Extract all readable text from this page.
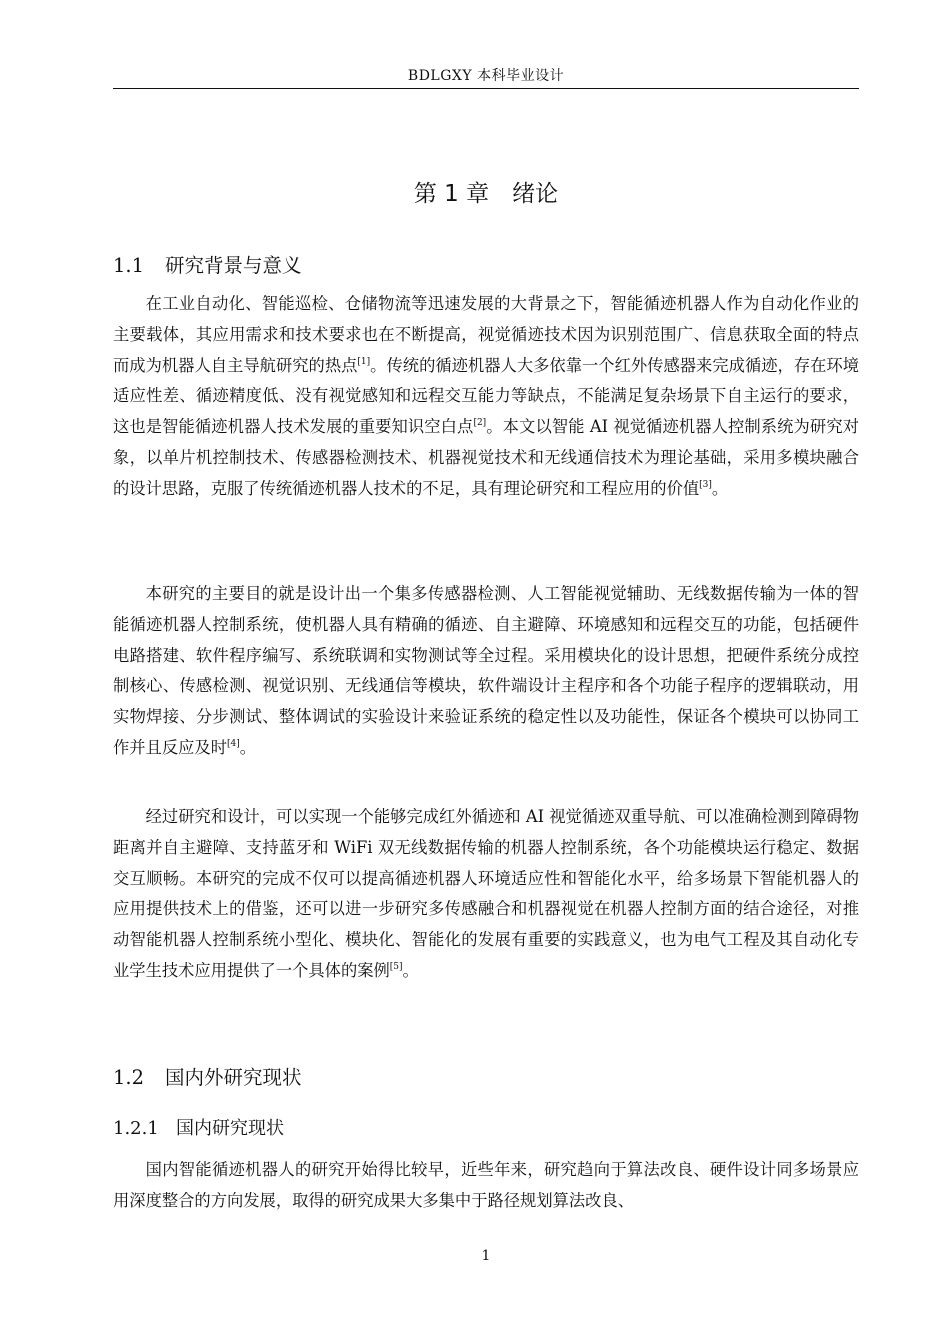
BDLGXY 本科毕业设计
第 1 章　绪论
1.1 研究背景与意义

在工业自动化、智能巡检、仓储物流等迅速发展的大背景之下，智能循迹机器人作为自动化作业的主要载体，其应用需求和技术要求也在不断提高，视觉循迹技术因为识别范围广、信息获取全面的特点而成为机器人自主导航研究的热点[1]。传统的循迹机器人大多依靠一个红外传感器来完成循迹，存在环境适应性差、循迹精度低、没有视觉感知和远程交互能力等缺点，不能满足复杂场景下自主运行的要求，这也是智能循迹机器人技术发展的重要知识空白点[2]。本文以智能 AI 视觉循迹机器人控制系统为研究对象，以单片机控制技术、传感器检测技术、机器视觉技术和无线通信技术为理论基础，采用多模块融合的设计思路，克服了传统循迹机器人技术的不足，具有理论研究和工程应用的价值[3]。

本研究的主要目的就是设计出一个集多传感器检测、人工智能视觉辅助、无线数据传输为一体的智能循迹机器人控制系统，使机器人具有精确的循迹、自主避障、环境感知和远程交互的功能，包括硬件电路搭建、软件程序编写、系统联调和实物测试等全过程。采用模块化的设计思想，把硬件系统分成控制核心、传感检测、视觉识别、无线通信等模块，软件端设计主程序和各个功能子程序的逻辑联动，用实物焊接、分步测试、整体调试的实验设计来验证系统的稳定性以及功能性，保证各个模块可以协同工作并且反应及时[4]。

经过研究和设计，可以实现一个能够完成红外循迹和 AI 视觉循迹双重导航、可以准确检测到障碍物距离并自主避障、支持蓝牙和 WiFi 双无线数据传输的机器人控制系统，各个功能模块运行稳定、数据交互顺畅。本研究的完成不仅可以提高循迹机器人环境适应性和智能化水平，给多场景下智能机器人的应用提供技术上的借鉴，还可以进一步研究多传感融合和机器视觉在机器人控制方面的结合途径，对推动智能机器人控制系统小型化、模块化、智能化的发展有重要的实践意义，也为电气工程及其自动化专业学生技术应用提供了一个具体的案例[5]。

1.2 国内外研究现状
1.2.1 国内研究现状

国内智能循迹机器人的研究开始得比较早，近些年来，研究趋向于算法改良、硬件设计同多场景应用深度整合的方向发展，取得的研究成果大多集中于路径规划算法改良、

1
